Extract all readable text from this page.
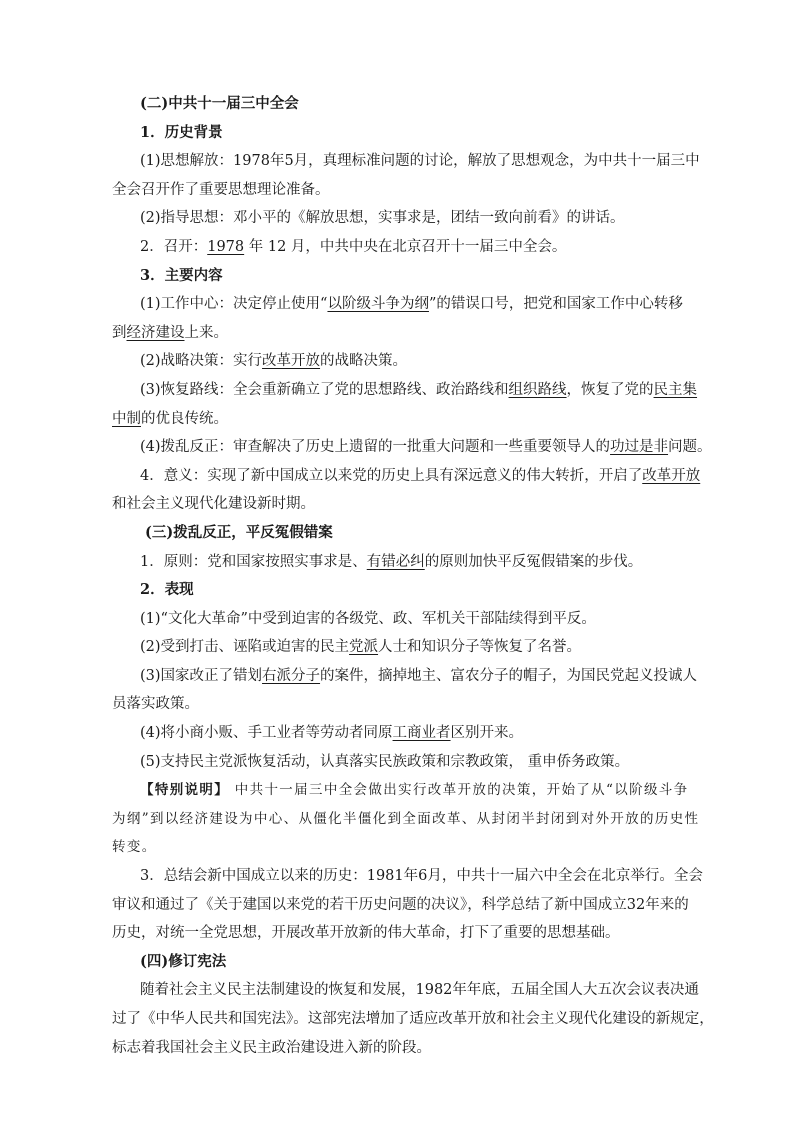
(二)中共十一届三中全会
1．历史背景
(1)思想解放：1978年5月，真理标准问题的讨论，解放了思想观念，为中共十一届三中
全会召开作了重要思想理论准备。
(2)指导思想：邓小平的《解放思想，实事求是，团结一致向前看》的讲话。
2．召开：1978 年 12 月，中共中央在北京召开十一届三中全会。
3．主要内容
(1)工作中心：决定停止使用“以阶级斗争为纲”的错误口号，把党和国家工作中心转移
到经济建设上来。
(2)战略决策：实行改革开放的战略决策。
(3)恢复路线：全会重新确立了党的思想路线、政治路线和组织路线，恢复了党的民主集
中制的优良传统。
(4)拨乱反正：审查解决了历史上遗留的一批重大问题和一些重要领导人的功过是非问题。
4．意义：实现了新中国成立以来党的历史上具有深远意义的伟大转折，开启了改革开放
和社会主义现代化建设新时期。
(三)拨乱反正，平反冤假错案
1．原则：党和国家按照实事求是、有错必纠的原则加快平反冤假错案的步伐。
2．表现
(1)“文化大革命”中受到迫害的各级党、政、军机关干部陆续得到平反。
(2)受到打击、诬陷或迫害的民主党派人士和知识分子等恢复了名誉。
(3)国家改正了错划右派分子的案件，摘掉地主、富农分子的帽子，为国民党起义投诚人
员落实政策。
(4)将小商小贩、手工业者等劳动者同原工商业者区别开来。
(5)支持民主党派恢复活动，认真落实民族政策和宗教政策， 重申侨务政策。
【特别说明】 中共十一届三中全会做出实行改革开放的决策，开始了从“以阶级斗争
为纲”到以经济建设为中心、从僵化半僵化到全面改革、从封闭半封闭到对外开放的历史性
转变。
3．总结会新中国成立以来的历史：1981年6月，中共十一届六中全会在北京举行。全会
审议和通过了《关于建国以来党的若干历史问题的决议》，科学总结了新中国成立32年来的
历史，对统一全党思想，开展改革开放新的伟大革命，打下了重要的思想基础。
(四)修订宪法
随着社会主义民主法制建设的恢复和发展，1982年年底，五届全国人大五次会议表决通
过了《中华人民共和国宪法》。这部宪法增加了适应改革开放和社会主义现代化建设的新规定，
标志着我国社会主义民主政治建设进入新的阶段。
